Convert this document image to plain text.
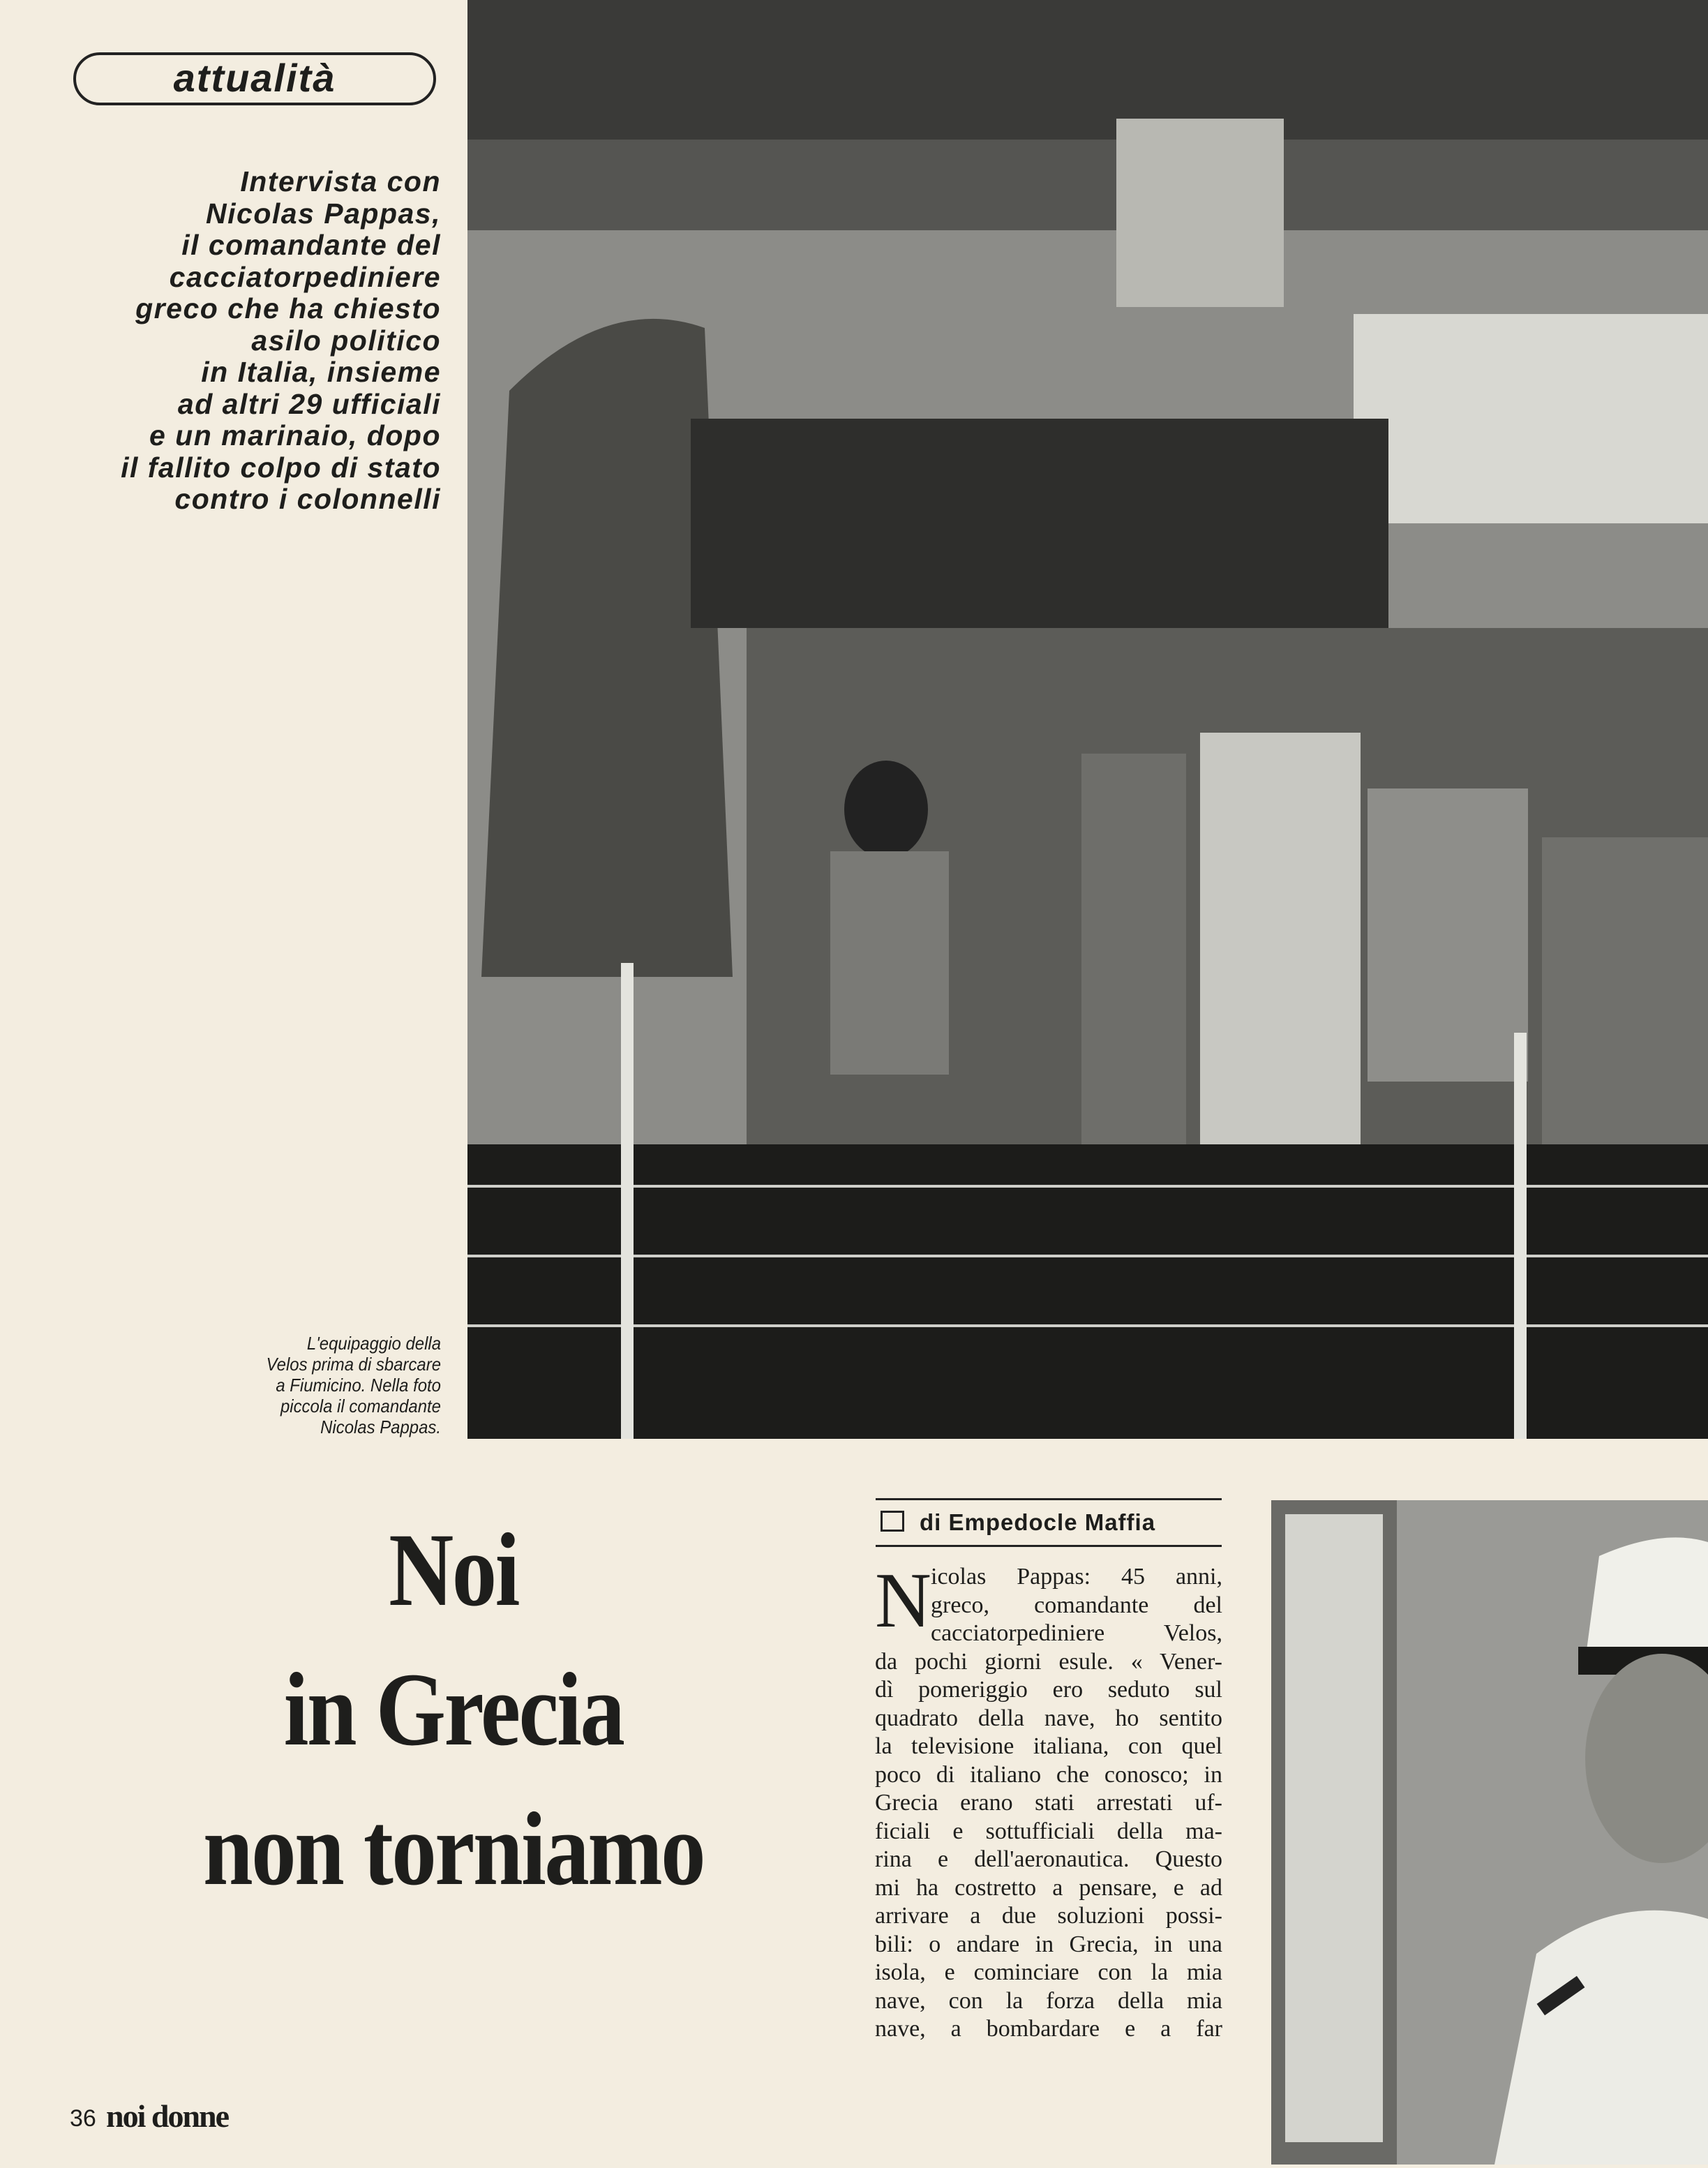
attualità
Intervista con
Nicolas Pappas,
il comandante del
cacciatorpediniere
greco che ha chiesto
asilo politico
in Italia, insieme
ad altri 29 ufficiali
e un marinaio, dopo
il fallito colpo di stato
contro i colonnelli
L'equipaggio della
Velos prima di sbarcare
a Fiumicino. Nella foto
piccola il comandante
Nicolas Pappas.
Noi
in Grecia
non torniamo
di Empedocle Maffia
N icolas Pappas: 45 anni,
greco, comandante del
cacciatorpediniere Velos,
da pochi giorni esule. « Vener-
dì pomeriggio ero seduto sul
quadrato della nave, ho sentito
la televisione italiana, con quel
poco di italiano che conosco; in
Grecia erano stati arrestati uf-
ficiali e sottufficiali della ma-
rina e dell'aeronautica. Questo
mi ha costretto a pensare, e ad
arrivare a due soluzioni possi-
bili: o andare in Grecia, in una
isola, e cominciare con la mia
nave, con la forza della mia
nave, a bombardare e a far
36 noi donne
